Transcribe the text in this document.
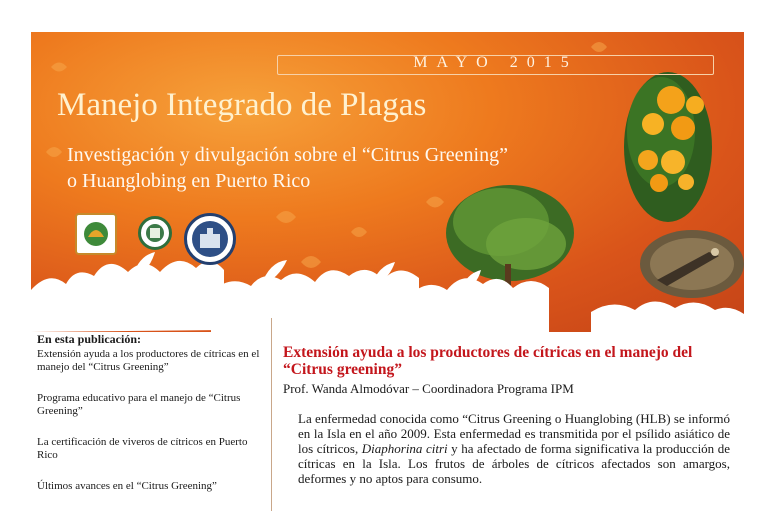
MAYO 2015
Manejo Integrado de Plagas
Investigación y divulgación sobre el “Citrus Greening”
o Huanglobing en Puerto Rico
En esta publicación:
Extensión ayuda a los productores de cítricas en el manejo del “Citrus Greening”
Programa educativo para el manejo de “Citrus Greening”
La certificación de viveros de cítricos en Puerto Rico
Últimos avances en el “Citrus Greening”
Extensión ayuda a los productores de cítricas en el manejo del “Citrus greening”
Prof. Wanda Almodóvar – Coordinadora Programa IPM
La enfermedad conocida como “Citrus Greening o Huanglobing (HLB) se informó en la Isla en el año 2009. Esta enfermedad es transmitida por el psílido asiático de los cítricos, Diaphorina citri y ha afectado de forma significativa la producción de cítricas en la Isla. Los frutos de árboles de cítricos afectados son amargos, deformes y no aptos para consumo.
